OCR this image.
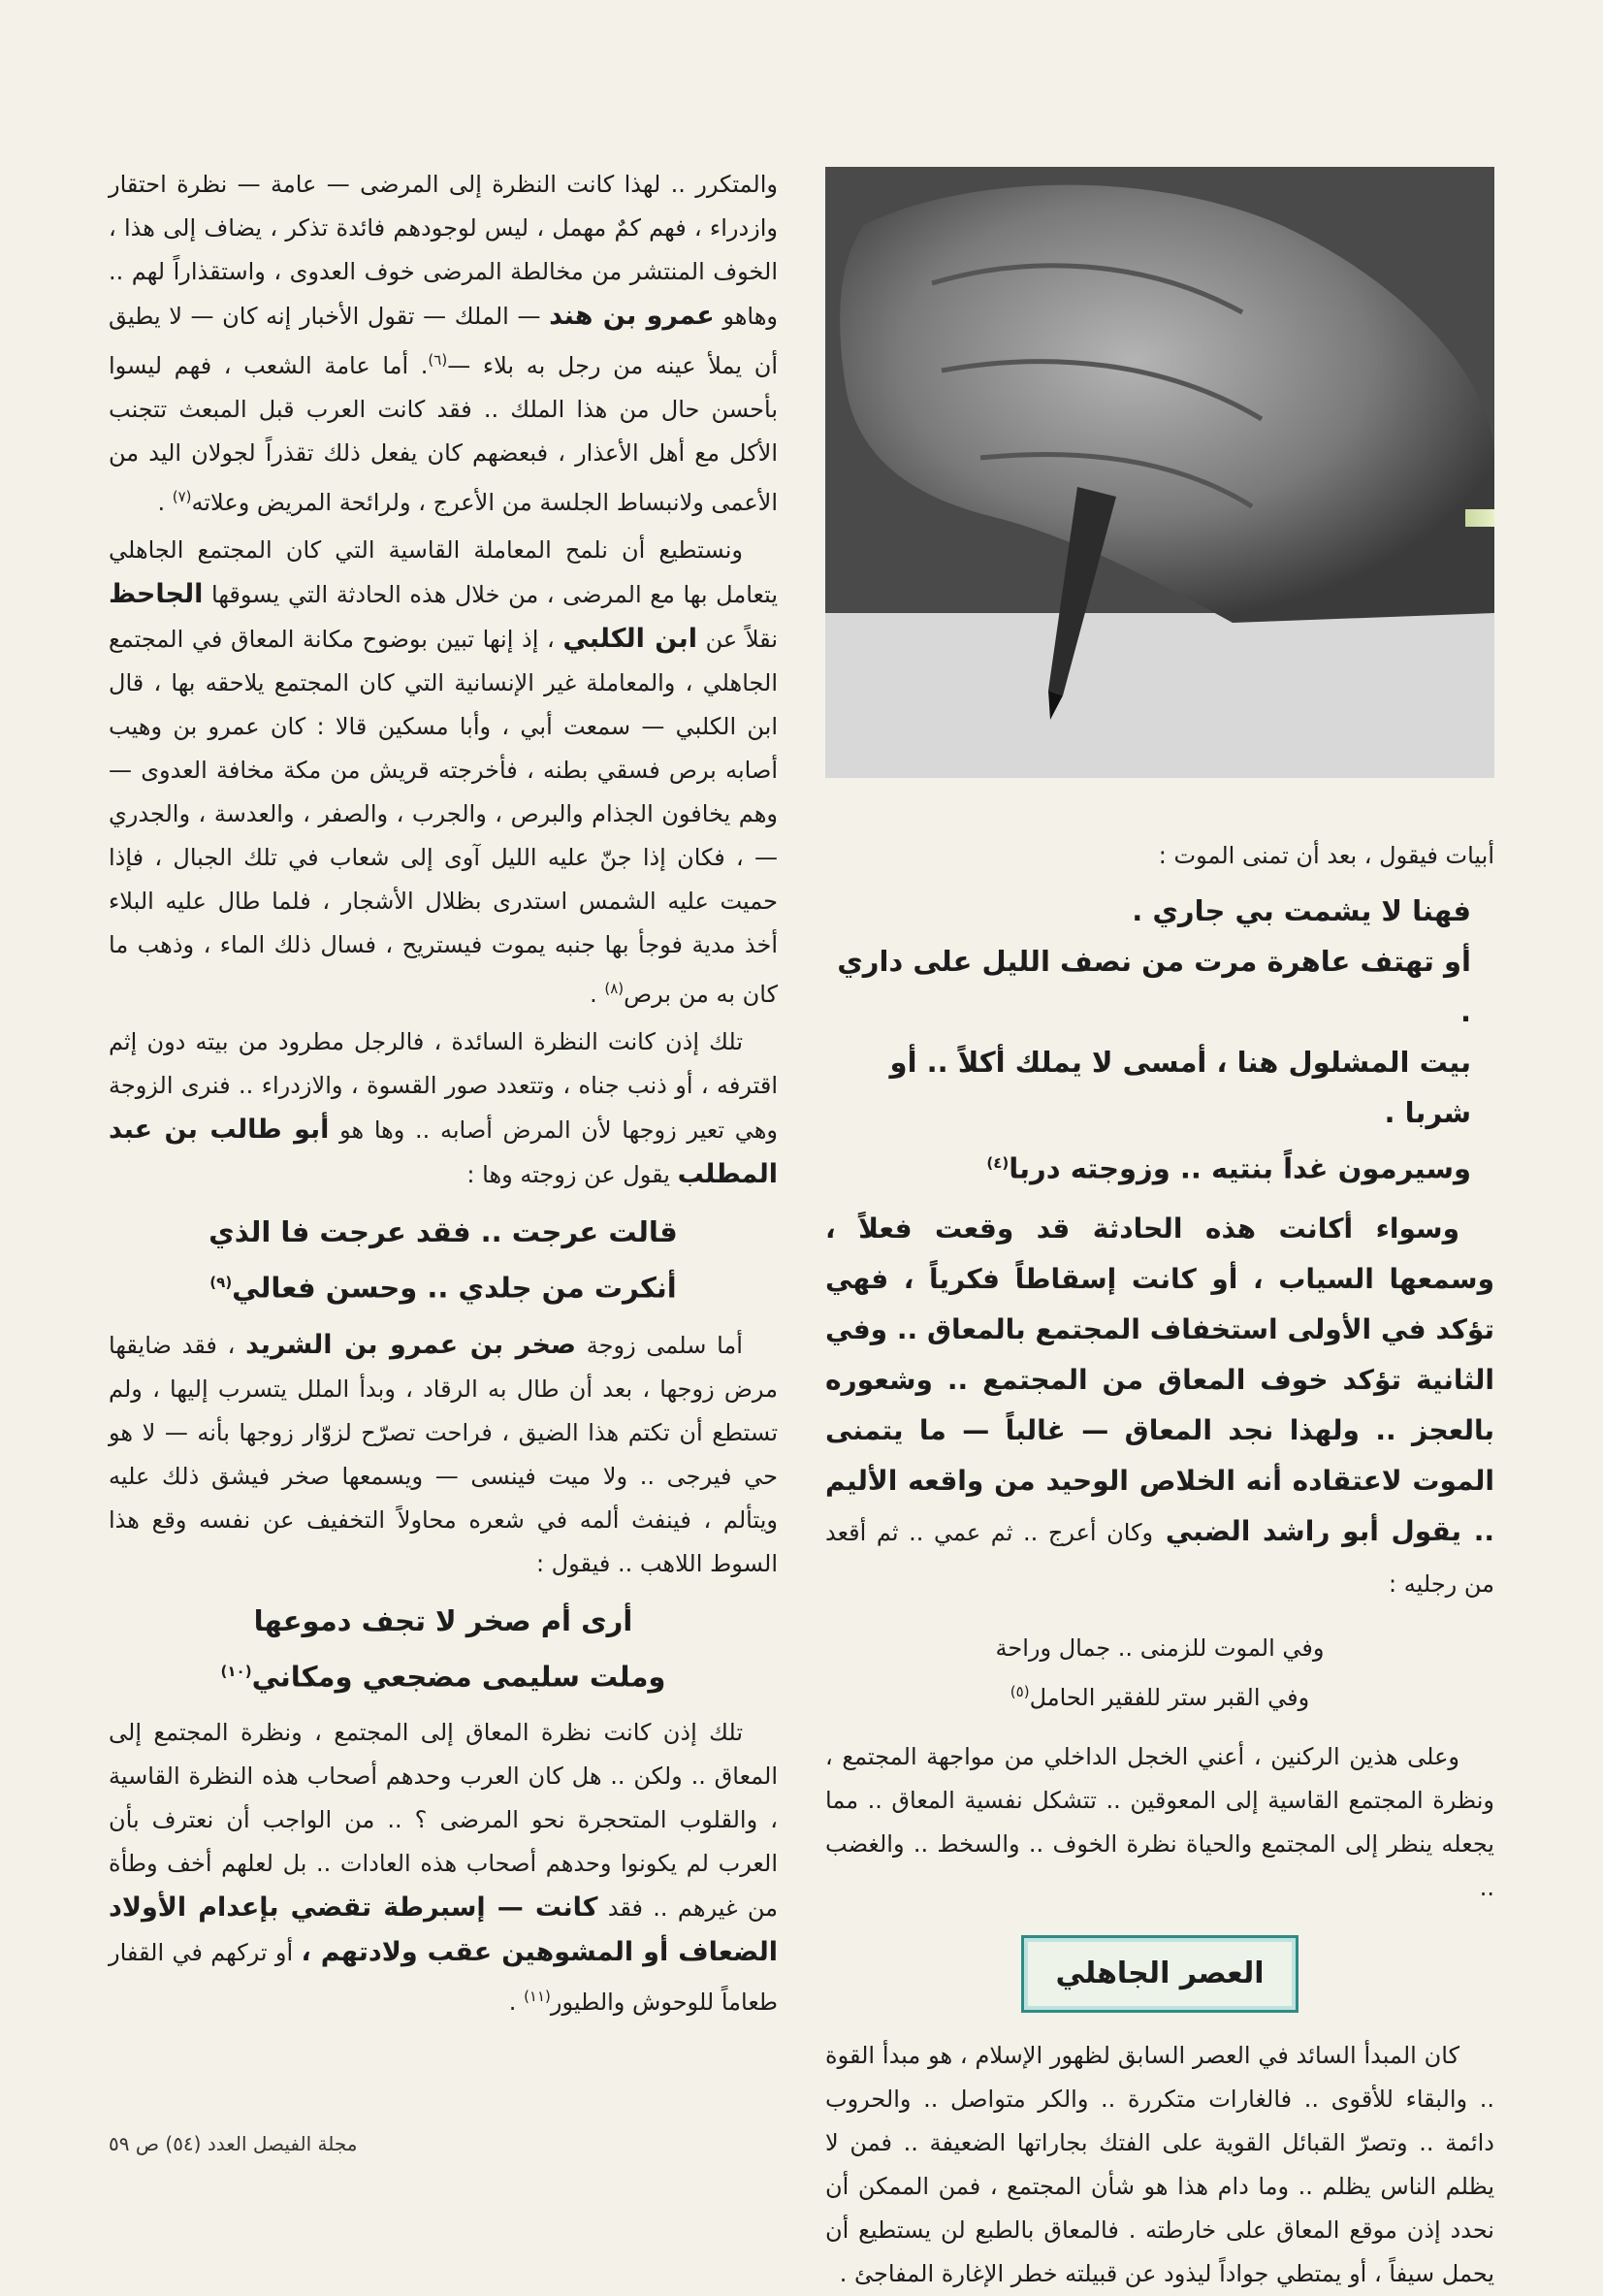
أبيات فيقول ، بعد أن تمنى الموت :

فهنا لا يشمت بي جاري .

أو تهتف عاهرة مرت من نصف الليل على داري .

بيت المشلول هنا ، أمسى لا يملك أكلاً .. أو شربا .

وسيرمون غداً بنتيه .. وزوجته دربا$^{(٤)}$

وسواء أكانت هذه الحادثة قد وقعت فعلاً ، وسمعها السياب ، أو كانت إسقاطاً فكرياً ، فهي تؤكد في الأولى استخفاف المجتمع بالمعاق .. وفي الثانية تؤكد خوف المعاق من المجتمع .. وشعوره بالعجز .. ولهذا نجد المعاق — غالباً — ما يتمنى الموت لاعتقاده أنه الخلاص الوحيد من واقعه الأليم .. يقول أبو راشد الضبي وكان أعرج .. ثم عمي .. ثم أقعد من رجليه :

وفي الموت للزمنى .. جمال وراحة

وفي القبر ستر للفقير الحامل$^{(٥)}$

وعلى هذين الركنين ، أعني الخجل الداخلي من مواجهة المجتمع ، ونظرة المجتمع القاسية إلى المعوقين .. تتشكل نفسية المعاق .. مما يجعله ينظر إلى المجتمع والحياة نظرة الخوف .. والسخط .. والغضب ..

العصر الجاهلي

كان المبدأ السائد في العصر السابق لظهور الإسلام ، هو مبدأ القوة .. والبقاء للأقوى .. فالغارات متكررة .. والكر متواصل .. والحروب دائمة .. وتصرّ القبائل القوية على الفتك بجاراتها الضعيفة .. فمن لا يظلم الناس يظلم .. وما دام هذا هو شأن المجتمع ، فمن الممكن أن نحدد إذن موقع المعاق على خارطته . فالمعاق بالطبع لن يستطيع أن يحمل سيفاً ، أو يمتطي جواداً ليذود عن قبيلته خطر الإغارة المفاجئ .

والمتكرر .. لهذا كانت النظرة إلى المرضى — عامة — نظرة احتقار وازدراء ، فهم كمٌ مهمل ، ليس لوجودهم فائدة تذكر ، يضاف إلى هذا ، الخوف المنتشر من مخالطة المرضى خوف العدوى ، واستقذاراً لهم .. وهاهو عمرو بن هند — الملك — تقول الأخبار إنه كان — لا يطيق أن يملأ عينه من رجل به بلاء —$^{(٦)}$. أما عامة الشعب ، فهم ليسوا بأحسن حال من هذا الملك .. فقد كانت العرب قبل المبعث تتجنب الأكل مع أهل الأعذار ، فبعضهم كان يفعل ذلك تقذراً لجولان اليد من الأعمى ولانبساط الجلسة من الأعرج ، ولرائحة المريض وعلاته$^{(٧)}$ .

ونستطيع أن نلمح المعاملة القاسية التي كان المجتمع الجاهلي يتعامل بها مع المرضى ، من خلال هذه الحادثة التي يسوقها الجاحظ نقلاً عن ابن الكلبي ، إذ إنها تبين بوضوح مكانة المعاق في المجتمع الجاهلي ، والمعاملة غير الإنسانية التي كان المجتمع يلاحقه بها ، قال ابن الكلبي — سمعت أبي ، وأبا مسكين قالا : كان عمرو بن وهيب أصابه برص فسقي بطنه ، فأخرجته قريش من مكة مخافة العدوى — وهم يخافون الجذام والبرص ، والجرب ، والصفر ، والعدسة ، والجدري — ، فكان إذا جنّ عليه الليل آوى إلى شعاب في تلك الجبال ، فإذا حميت عليه الشمس استدرى بظلال الأشجار ، فلما طال عليه البلاء أخذ مدية فوجأ بها جنبه يموت فيستريح ، فسال ذلك الماء ، وذهب ما كان به من برص$^{(٨)}$ .

تلك إذن كانت النظرة السائدة ، فالرجل مطرود من بيته دون إثم اقترفه ، أو ذنب جناه ، وتتعدد صور القسوة ، والازدراء .. فنرى الزوجة وهي تعير زوجها لأن المرض أصابه .. وها هو أبو طالب بن عبد المطلب يقول عن زوجته وها :

قالت عرجت .. فقد عرجت فا الذي

أنكرت من جلدي .. وحسن فعالي$^{(٩)}$

أما سلمى زوجة صخر بن عمرو بن الشريد ، فقد ضايقها مرض زوجها ، بعد أن طال به الرقاد ، وبدأ الملل يتسرب إليها ، ولم تستطع أن تكتم هذا الضيق ، فراحت تصرّح لزوّار زوجها بأنه — لا هو حي فيرجى .. ولا ميت فينسى — ويسمعها صخر فيشق ذلك عليه ويتألم ، فينفث ألمه في شعره محاولاً التخفيف عن نفسه وقع هذا السوط اللاهب .. فيقول :

أرى أم صخر لا تجف دموعها

وملت سليمى مضجعي ومكاني$^{(١٠)}$

تلك إذن كانت نظرة المعاق إلى المجتمع ، ونظرة المجتمع إلى المعاق .. ولكن .. هل كان العرب وحدهم أصحاب هذه النظرة القاسية ، والقلوب المتحجرة نحو المرضى ؟ .. من الواجب أن نعترف بأن العرب لم يكونوا وحدهم أصحاب هذه العادات .. بل لعلهم أخف وطأة من غيرهم .. فقد كانت — إسبرطة تقضي بإعدام الأولاد الضعاف أو المشوهين عقب ولادتهم ، أو تركهم في القفار طعاماً للوحوش والطيور$^{(١١)}$ .

مجلة الفيصل العدد (٥٤) ص ٥٩
